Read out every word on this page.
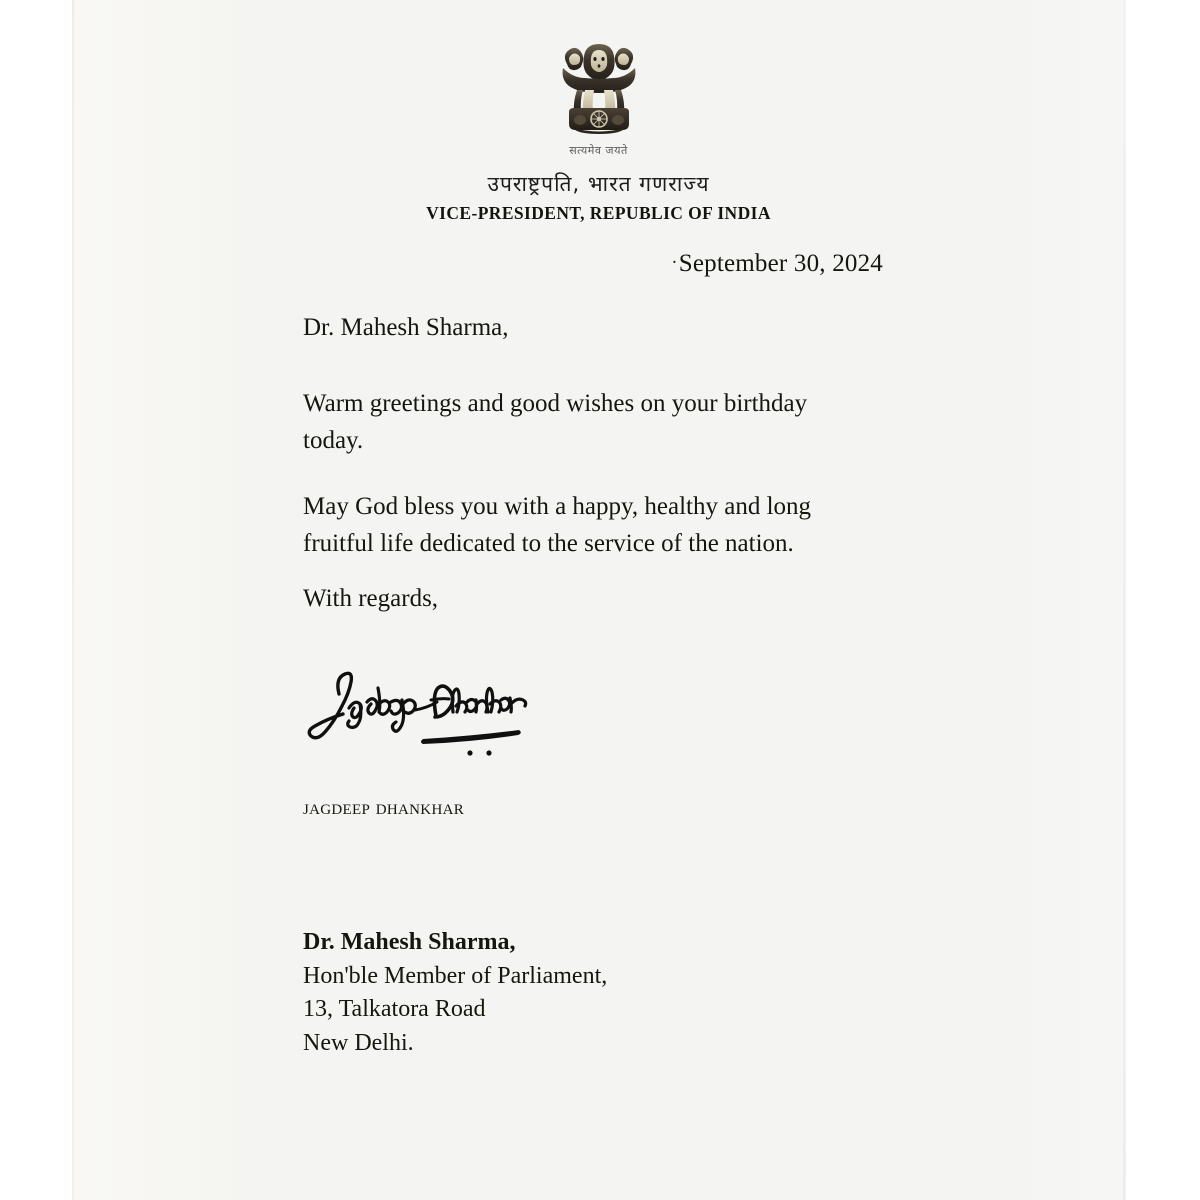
सत्यमेव जयते
उपराष्ट्रपति, भारत गणराज्य
VICE-PRESIDENT, REPUBLIC OF INDIA
·September 30, 2024
Dr. Mahesh Sharma,
Warm greetings and good wishes on your birthday
today.
May God bless you with a happy, healthy and long
fruitful life dedicated to the service of the nation.
With regards,
jagdeep dhankhar
Dr. Mahesh Sharma,
Hon'ble Member of Parliament,
13, Talkatora Road
New Delhi.
